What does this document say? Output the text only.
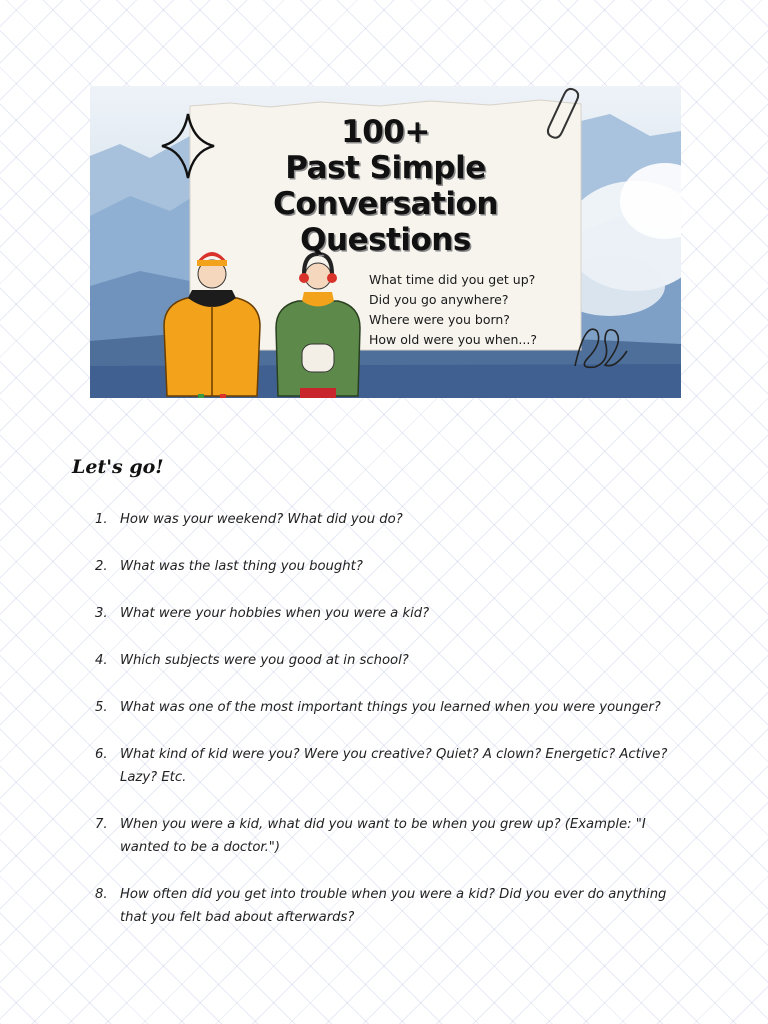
100+
Past Simple
Conversation
Questions
What time did you get up?
Did you go anywhere?
Where were you born?
How old were you when...?
Let's go!
1. How was your weekend? What did you do?
2. What was the last thing you bought?
3. What were your hobbies when you were a kid?
4. Which subjects were you good at in school?
5. What was one of the most important things you learned when you were younger?
6. What kind of kid were you? Were you creative? Quiet? A clown? Energetic? Active? Lazy? Etc.
7. When you were a kid, what did you want to be when you grew up? (Example: "I wanted to be a doctor.")
8. How often did you get into trouble when you were a kid? Did you ever do anything that you felt bad about afterwards?
